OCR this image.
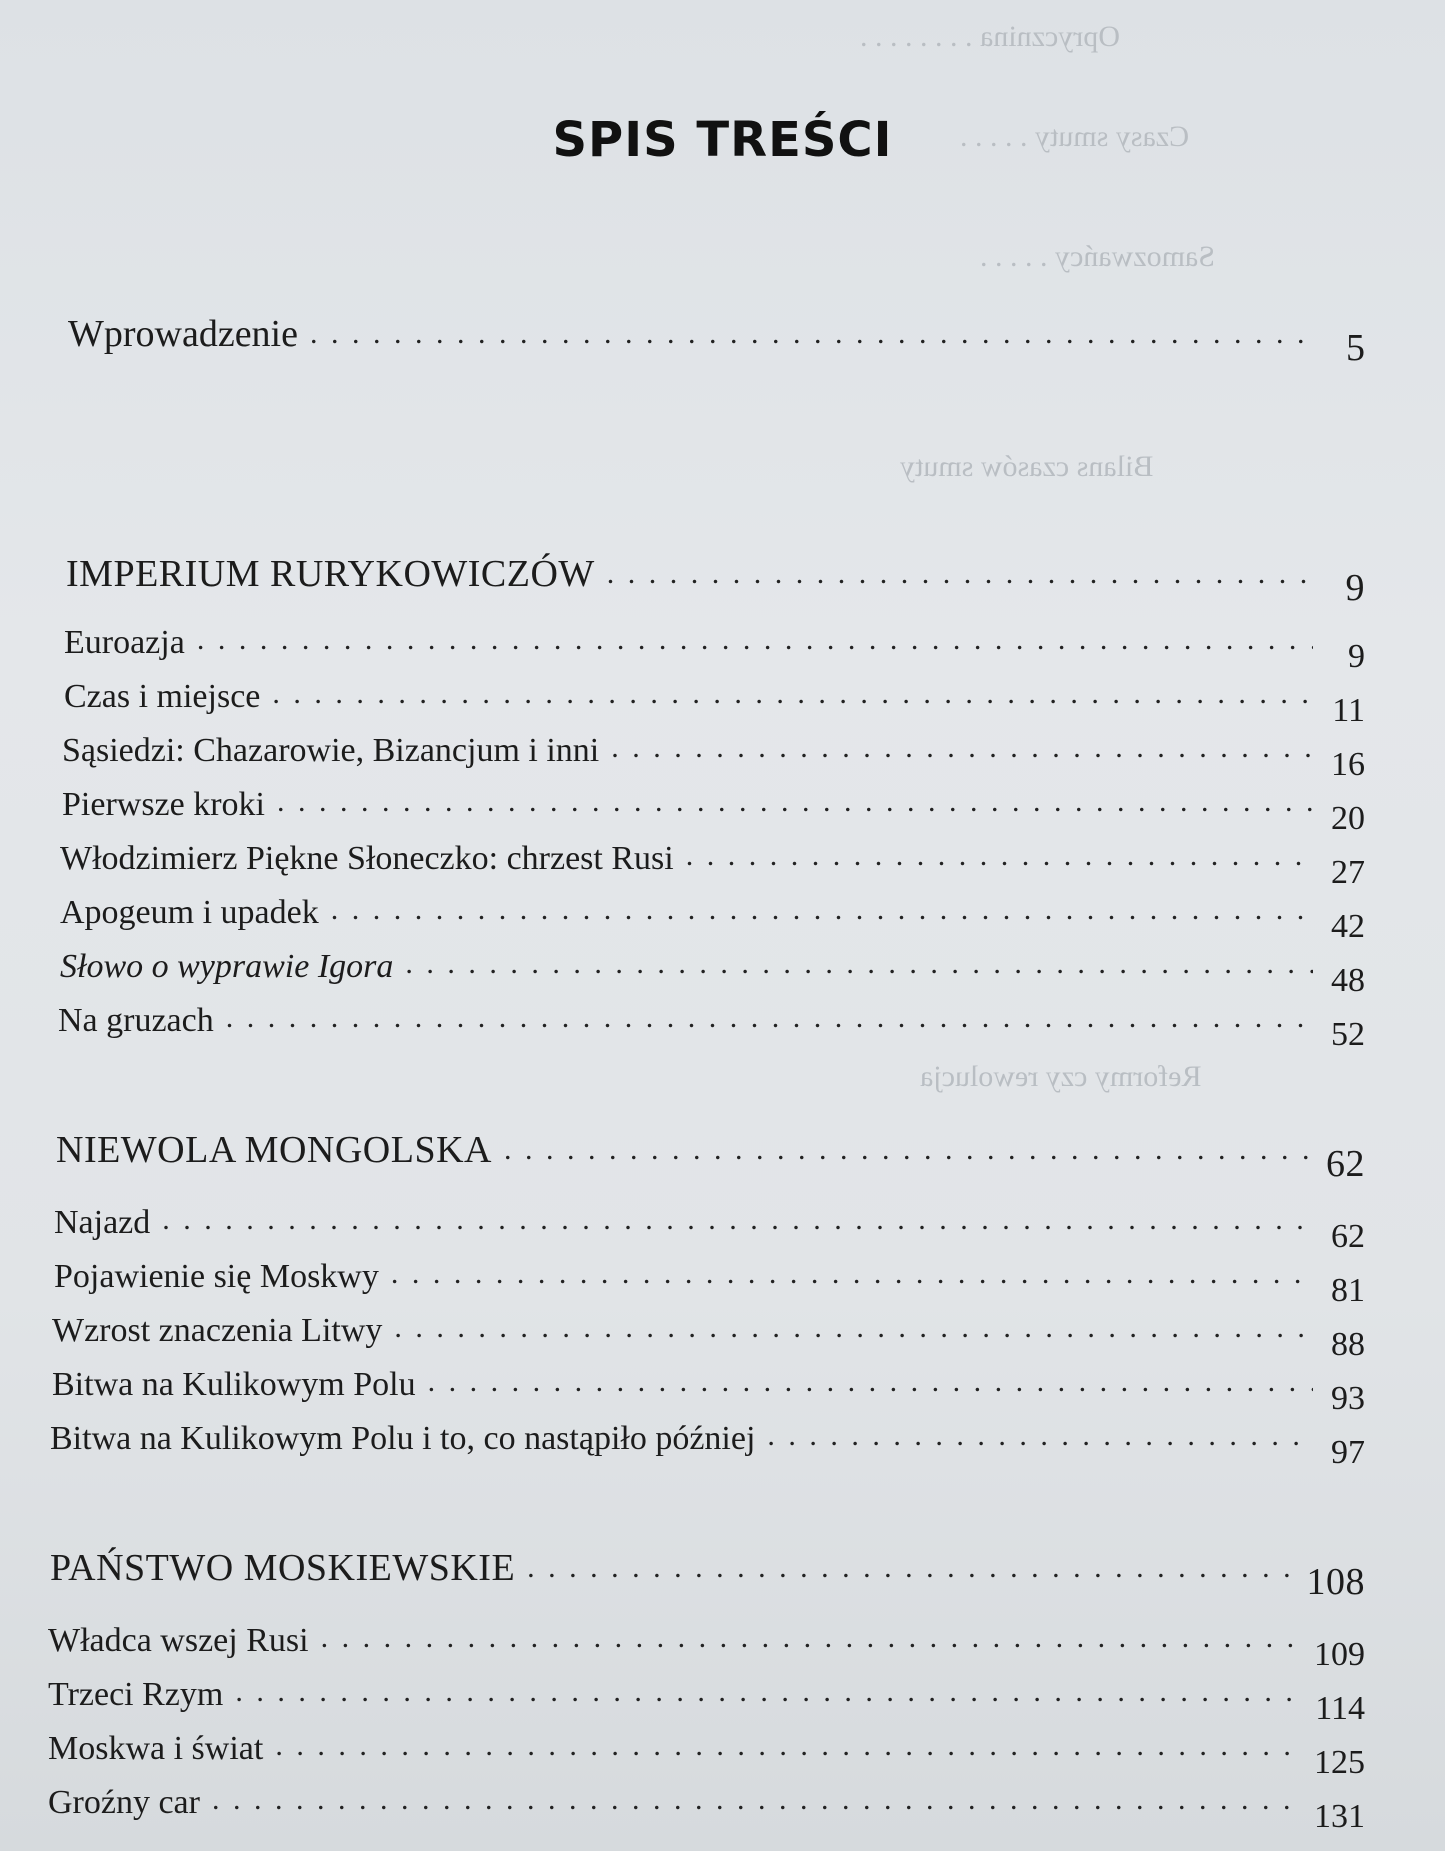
Oprycznina . . . . . . . .
Czasy smuty . . . . .
Samozwańcy . . . . .
Bilans czasów smuty
Reformy czy rewolucja
SPIS TREŚCI
Wprowadzenie . . .	5
IMPERIUM RURYKOWICZÓW . . .	9
Euroazja . . .	9
Czas i miejsce . . .	11
Sąsiedzi: Chazarowie, Bizancjum i inni . . .	16
Pierwsze kroki . . .	20
Włodzimierz Piękne Słoneczko: chrzest Rusi . . .	27
Apogeum i upadek . . .	42
Słowo o wyprawie Igora . . .	48
Na gruzach . . .	52
NIEWOLA MONGOLSKA . . .	62
Najazd . . .	62
Pojawienie się Moskwy . . .	81
Wzrost znaczenia Litwy . . .	88
Bitwa na Kulikowym Polu . . .	93
Bitwa na Kulikowym Polu i to, co nastąpiło później . . .	97
PAŃSTWO MOSKIEWSKIE . . .	108
Władca wszej Rusi . . .	109
Trzeci Rzym . . .	114
Moskwa i świat . . .	125
Groźny car . . .	131
